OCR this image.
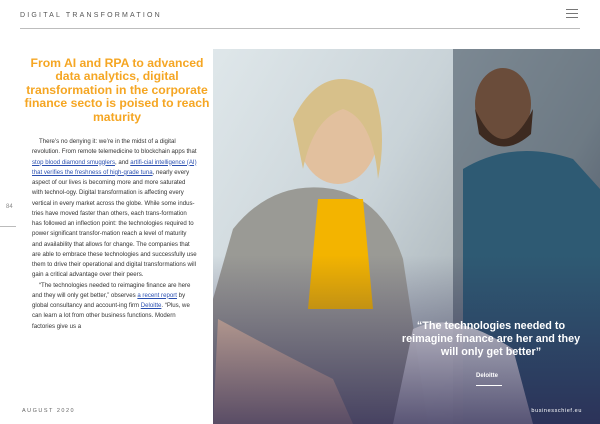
DIGITAL TRANSFORMATION
From AI and RPA to advanced data analytics, digital transformation in the corporate finance secto is poised to reach maturity

There’s no denying it: we’re in the midst of a digital revolution. From remote telemedicine to blockchain apps that stop blood diamond smugglers, and artifi-cial intelligence (AI) that verifies the freshness of high-grade tuna, nearly every aspect of our lives is becoming more and more saturated with technol-ogy. Digital transformation is affecting every vertical in every market across the globe. While some indus-tries have moved faster than others, each trans-formation has followed an inflection point: the technologies required to power significant transfor-mation reach a level of maturity and availability that allows for change. The companies that are able to embrace these technologies and successfully use them to drive their operational and digital transformations will gain a critical advantage over their peers.

“The technologies needed to reimagine finance are here and they will only get better,” observes a recent report by global consultancy and account-ing firm Deloitte. “Plus, we can learn a lot from other business functions. Modern factories give us a

84
“The technologies needed to reimagine finance are her and they will only get better”
Deloitte
AUGUST 2020	businesschief.eu
